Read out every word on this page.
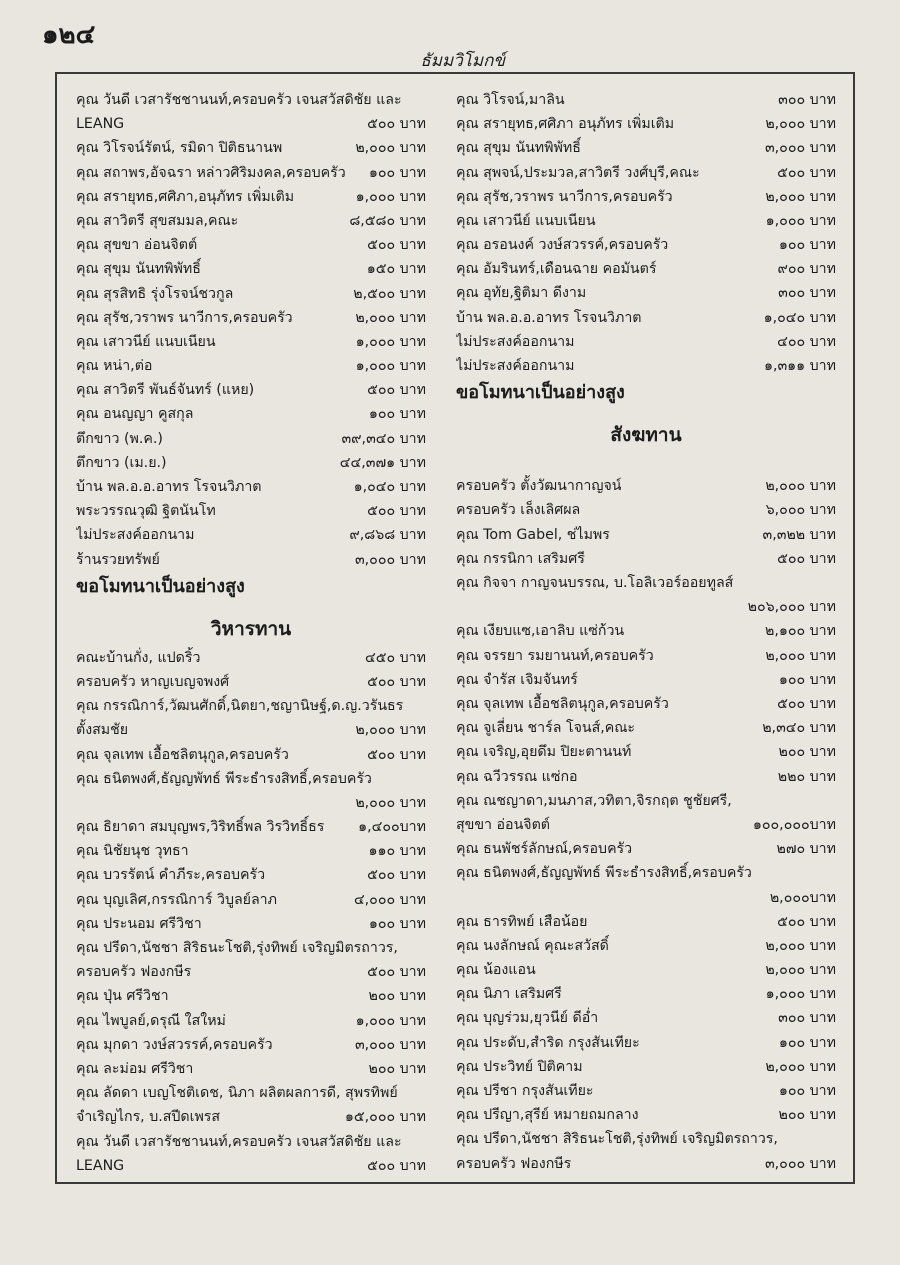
๑๒๔
ธัมมวิโมกข์
คุณ วันดี เวสารัชชานนท์,ครอบครัว เจนสวัสดิชัย และ
LEANG	๕๐๐ บาท
คุณ วิโรจน์รัตน์, รมิดา ปิติธนานพ	๒,๐๐๐ บาท
คุณ สถาพร,อัจฉรา หล่าวศิริมงคล,ครอบครัว	๑๐๐ บาท
คุณ สรายุทธ,ศศิภา,อนุภัทร เพิ่มเติม	๑,๐๐๐ บาท
คุณ สาวิตรี สุขสมมล,คณะ	๘,๕๘๐ บาท
คุณ สุขขา อ่อนจิตต์	๕๐๐ บาท
คุณ สุขุม นันทพิพัทธิ์	๑๕๐ บาท
คุณ สุรสิทธิ รุ่งโรจน์ชวกูล	๒,๕๐๐ บาท
คุณ สุรัช,วราพร นาวีการ,ครอบครัว	๒,๐๐๐ บาท
คุณ เสาวนีย์ แนบเนียน	๑,๐๐๐ บาท
คุณ หน่า,ต่อ	๑,๐๐๐ บาท
คุณ สาวิตรี พันธ์จันทร์ (แหย)	๕๐๐ บาท
คุณ อนญญา คูสกุล	๑๐๐ บาท
ตึกขาว (พ.ค.)	๓๙,๓๔๐ บาท
ตึกขาว (เม.ย.)	๔๔,๓๗๑ บาท
บ้าน พล.อ.อ.อาทร โรจนวิภาต	๑,๐๔๐ บาท
พระวรรณวุฒิ ฐิตนันโท	๕๐๐ บาท
ไม่ประสงค์ออกนาม	๙,๘๖๘ บาท
ร้านรวยทรัพย์	๓,๐๐๐ บาท
ขอโมทนาเป็นอย่างสูง
วิหารทาน
คณะบ้านกั่ง, แปดริ้ว	๔๕๐ บาท
ครอบครัว หาญเบญจพงศ์	๕๐๐ บาท
คุณ กรรณิการ์,วัฒนศักดิ์,นิตยา,ชญานิษฐ์,ด.ญ.วรันธร
ตั้งสมชัย	๒,๐๐๐ บาท
คุณ จุลเทพ เอื้อชลิตนุกูล,ครอบครัว	๕๐๐ บาท
คุณ ธนิตพงศ์,ธัญญพัทธ์ พีระธำรงสิทธิ์,ครอบครัว
๒,๐๐๐ บาท
คุณ ธิยาดา สมบุญพร,วิริทธิ์พล วิรวิทธิ์ธร	๑,๔๐๐บาท
คุณ นิชัยนุช วุทธา	๑๑๐ บาท
คุณ บวรรัตน์ คำภีระ,ครอบครัว	๕๐๐ บาท
คุณ บุญเลิศ,กรรณิการ์ วิบูลย์ลาภ	๔,๐๐๐ บาท
คุณ ประนอม ศรีวิชา	๑๐๐ บาท
คุณ ปรีดา,นัชชา สิริธนะโชติ,รุ่งทิพย์ เจริญมิตรถาวร,
ครอบครัว ฟองกษีร	๕๐๐ บาท
คุณ ปุ่น ศรีวิชา	๒๐๐ บาท
คุณ ไพบูลย์,ดรุณี ใสใหม่	๑,๐๐๐ บาท
คุณ มุกดา วงษ์สวรรค์,ครอบครัว	๓,๐๐๐ บาท
คุณ ละม่อม ศรีวิชา	๒๐๐ บาท
คุณ ลัดดา เบญโชติเดช, นิภา ผลิตผลการดี, สุพรทิพย์
จำเริญไกร, บ.สปีดเพรส	๑๕,๐๐๐ บาท
คุณ วันดี เวสารัชชานนท์,ครอบครัว เจนสวัสดิชัย และ
LEANG	๕๐๐ บาท
คุณ วิโรจน์,มาลิน	๓๐๐ บาท
คุณ สรายุทธ,ศศิภา อนุภัทร เพิ่มเติม	๒,๐๐๐ บาท
คุณ สุขุม นันทพิพัทธิ์	๓,๐๐๐ บาท
คุณ สุพจน์,ประมวล,สาวิตรี วงศ์บุรี,คณะ	๕๐๐ บาท
คุณ สุรัช,วราพร นาวีการ,ครอบครัว	๒,๐๐๐ บาท
คุณ เสาวนีย์ แนบเนียน	๑,๐๐๐ บาท
คุณ อรอนงค์ วงษ์สวรรค์,ครอบครัว	๑๐๐ บาท
คุณ อัมรินทร์,เดือนฉาย คอมันตร์	๙๐๐ บาท
คุณ อุทัย,ฐิติมา ดีงาม	๓๐๐ บาท
บ้าน พล.อ.อ.อาทร โรจนวิภาต	๑,๐๔๐ บาท
ไม่ประสงค์ออกนาม	๔๐๐ บาท
ไม่ประสงค์ออกนาม	๑,๓๑๑ บาท
ขอโมทนาเป็นอย่างสูง
สังฆทาน
ครอบครัว ตั้งวัฒนากาญจน์	๒,๐๐๐ บาท
ครอบครัว เล็งเลิศผล	๖,๐๐๐ บาท
คุณ Tom Gabel, ช่ไมพร	๓,๓๒๒ บาท
คุณ กรรนิกา เสริมศรี	๕๐๐ บาท
คุณ กิจจา กาญจนบรรณ, บ.โอลิเวอร์ออยทูลส์
๒๐๖,๐๐๐ บาท
คุณ เงียบแซ,เอาลิบ แซ่ก้วน	๒,๑๐๐ บาท
คุณ จรรยา รมยานนท์,ครอบครัว	๒,๐๐๐ บาท
คุณ จำรัส เจิมจันทร์	๑๐๐ บาท
คุณ จุลเทพ เอื้อชลิตนุกูล,ครอบครัว	๕๐๐ บาท
คุณ จูเลี่ยน ชาร์ล โจนส์,คณะ	๒,๓๔๐ บาท
คุณ เจริญ,อุยดึม ปิยะตานนท์	๒๐๐ บาท
คุณ ฉวีวรรณ แซ่กอ	๒๒๐ บาท
คุณ ณชญาดา,มนภาส,วทิตา,จิรกฤต ชูชัยศรี,
สุขขา อ่อนจิตต์	๑๐๐,๐๐๐บาท
คุณ ธนพัชร์ลักษณ์,ครอบครัว	๒๗๐ บาท
คุณ ธนิตพงศ์,ธัญญพัทธ์ พีระธำรงสิทธิ์,ครอบครัว
๒,๐๐๐บาท
คุณ ธารทิพย์ เสือน้อย	๕๐๐ บาท
คุณ นงลักษณ์ คุณะสวัสดิ์	๒,๐๐๐ บาท
คุณ น้องแอน	๒,๐๐๐ บาท
คุณ นิภา เสริมศรี	๑,๐๐๐ บาท
คุณ บุญร่วม,ยุวนีย์ ดีอ่ำ	๓๐๐ บาท
คุณ ประดับ,สำริด กรุงสันเทียะ	๑๐๐ บาท
คุณ ประวิทย์ ปิติคาม	๒,๐๐๐ บาท
คุณ ปรีชา กรุงสันเทียะ	๑๐๐ บาท
คุณ ปรีญา,สุรีย์ หมายถมกลาง	๒๐๐ บาท
คุณ ปรีดา,นัชชา สิริธนะโชติ,รุ่งทิพย์ เจริญมิตรถาวร,
ครอบครัว ฟองกษีร	๓,๐๐๐ บาท
